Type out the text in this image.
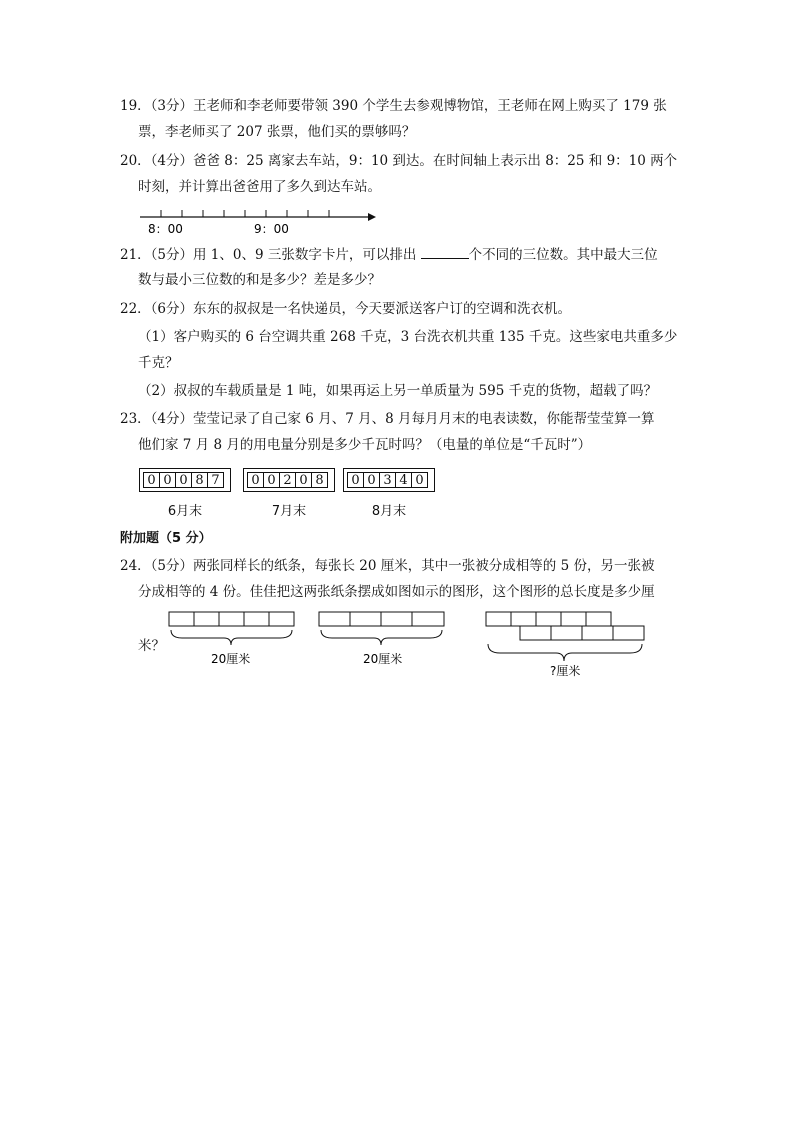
19．（3分）王老师和李老师要带领 390 个学生去参观博物馆，王老师在网上购买了 179 张
票，李老师买了 207 张票，他们买的票够吗？
20．（4分）爸爸 8：25 离家去车站，9：10 到达。在时间轴上表示出 8：25 和 9：10 两个
时刻，并计算出爸爸用了多久到达车站。
8：00	9：00
21．（5分）用 1、0、9 三张数字卡片，可以排出	个不同的三位数。其中最大三位
数与最小三位数的和是多少？差是多少？
22．（6分）东东的叔叔是一名快递员，今天要派送客户订的空调和洗衣机。
（1）客户购买的 6 台空调共重 268 千克，3 台洗衣机共重 135 千克。这些家电共重多少
千克？
（2）叔叔的车载质量是 1 吨，如果再运上另一单质量为 595 千克的货物，超载了吗？
23．（4分）莹莹记录了自己家 6 月、7 月、8 月每月月末的电表读数，你能帮莹莹算一算
他们家 7 月 8 月的用电量分别是多少千瓦时吗？（电量的单位是“千瓦时”）
0 0 0 8 7
6月末
0 0 2 0 8
7月末
0 0 3 4 0
8月末
附加题（5 分）
24．（5分）两张同样长的纸条，每张长 20 厘米，其中一张被分成相等的 5 份，另一张被
分成相等的 4 份。佳佳把这两张纸条摆成如图如示的图形，这个图形的总长度是多少厘
米？
20厘米	20厘米
?厘米
